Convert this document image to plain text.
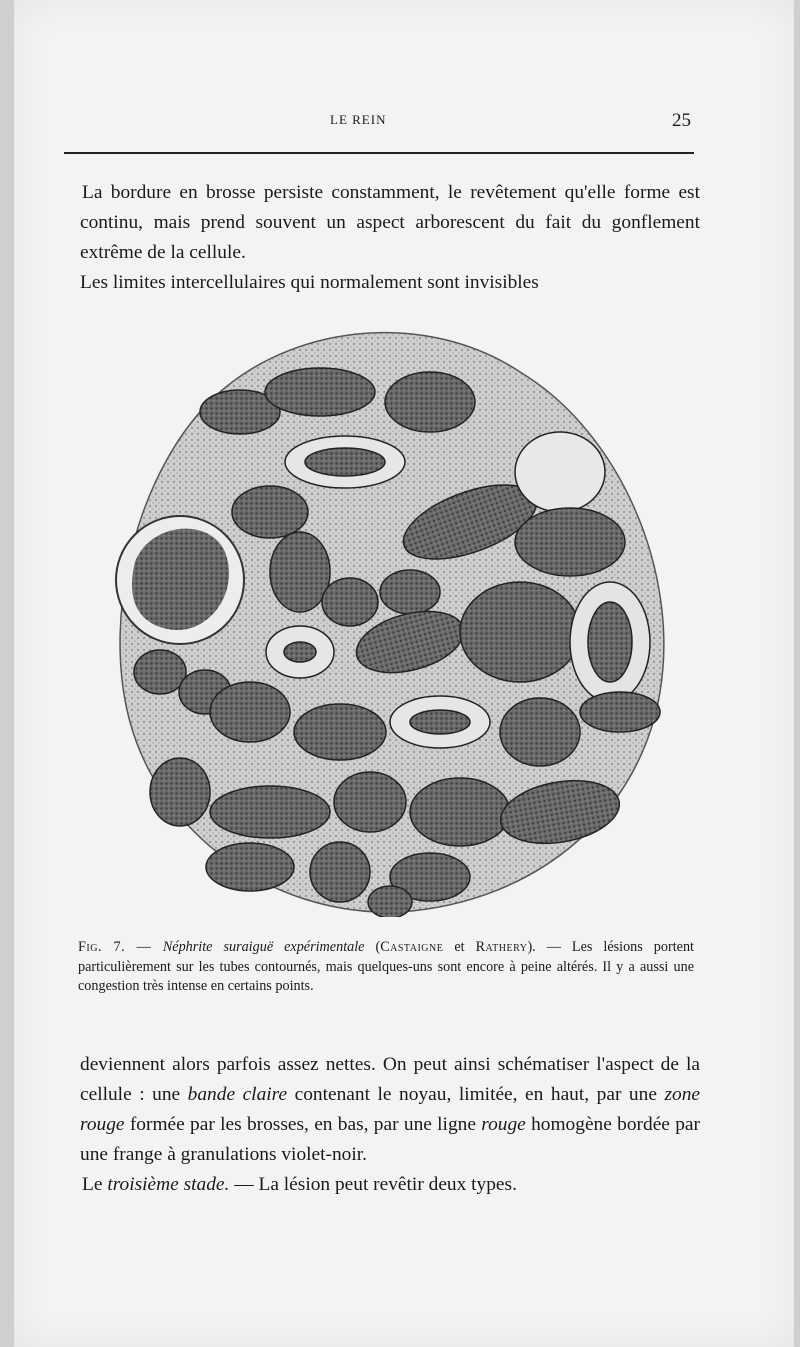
LE REIN	25

La bordure en brosse persiste constamment, le revêtement qu'elle forme est continu, mais prend souvent un aspect arborescent du fait du gonflement extrême de la cellule.

Les limites intercellulaires qui normalement sont invisibles

Fig. 7. — Néphrite suraiguë expérimentale (Castaigne et Rathery). — Les lésions portent particulièrement sur les tubes contournés, mais quelques-uns sont encore à peine altérés. Il y a aussi une congestion très intense en certains points.

deviennent alors parfois assez nettes. On peut ainsi schématiser l'aspect de la cellule : une bande claire contenant le noyau, limitée, en haut, par une zone rouge formée par les brosses, en bas, par une ligne rouge homogène bordée par une frange à granulations violet-noir.

Le troisième stade. — La lésion peut revêtir deux types.
